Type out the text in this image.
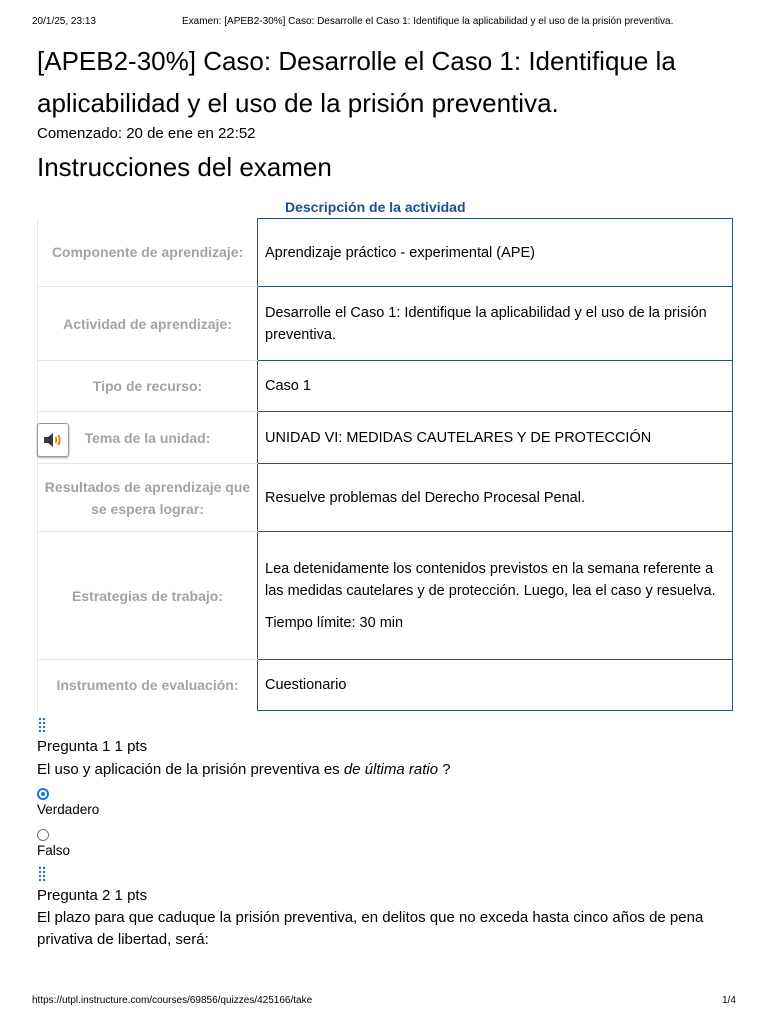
20/1/25, 23:13	Examen: [APEB2-30%] Caso: Desarrolle el Caso 1: Identifique la aplicabilidad y el uso de la prisión preventiva.
[APEB2-30%] Caso: Desarrolle el Caso 1: Identifique la aplicabilidad y el uso de la prisión preventiva.
Comenzado: 20 de ene en 22:52
Instrucciones del examen
Descripción de la actividad
Componente de aprendizaje:	Aprendizaje práctico - experimental (APE)
Actividad de aprendizaje:	Desarrolle el Caso 1: Identifique la aplicabilidad y el uso de la prisión preventiva.
Tipo de recurso:	Caso 1
Tema de la unidad:	UNIDAD VI: MEDIDAS CAUTELARES Y DE PROTECCIÓN
Resultados de aprendizaje que se espera lograr:	Resuelve problemas del Derecho Procesal Penal.
Estrategias de trabajo:	Lea detenidamente los contenidos previstos en la semana referente a las medidas cautelares y de protección. Luego, lea el caso y resuelva.

Tiempo límite: 30 min

Instrumento de evaluación:	Cuestionario
Pregunta 1 1 pts
El uso y aplicación de la prisión preventiva es de última ratio ?
Verdadero
Falso
Pregunta 2 1 pts
El plazo para que caduque la prisión preventiva, en delitos que no exceda hasta cinco años de pena privativa de libertad, será:
https://utpl.instructure.com/courses/69856/quizzes/425166/take	1/4
